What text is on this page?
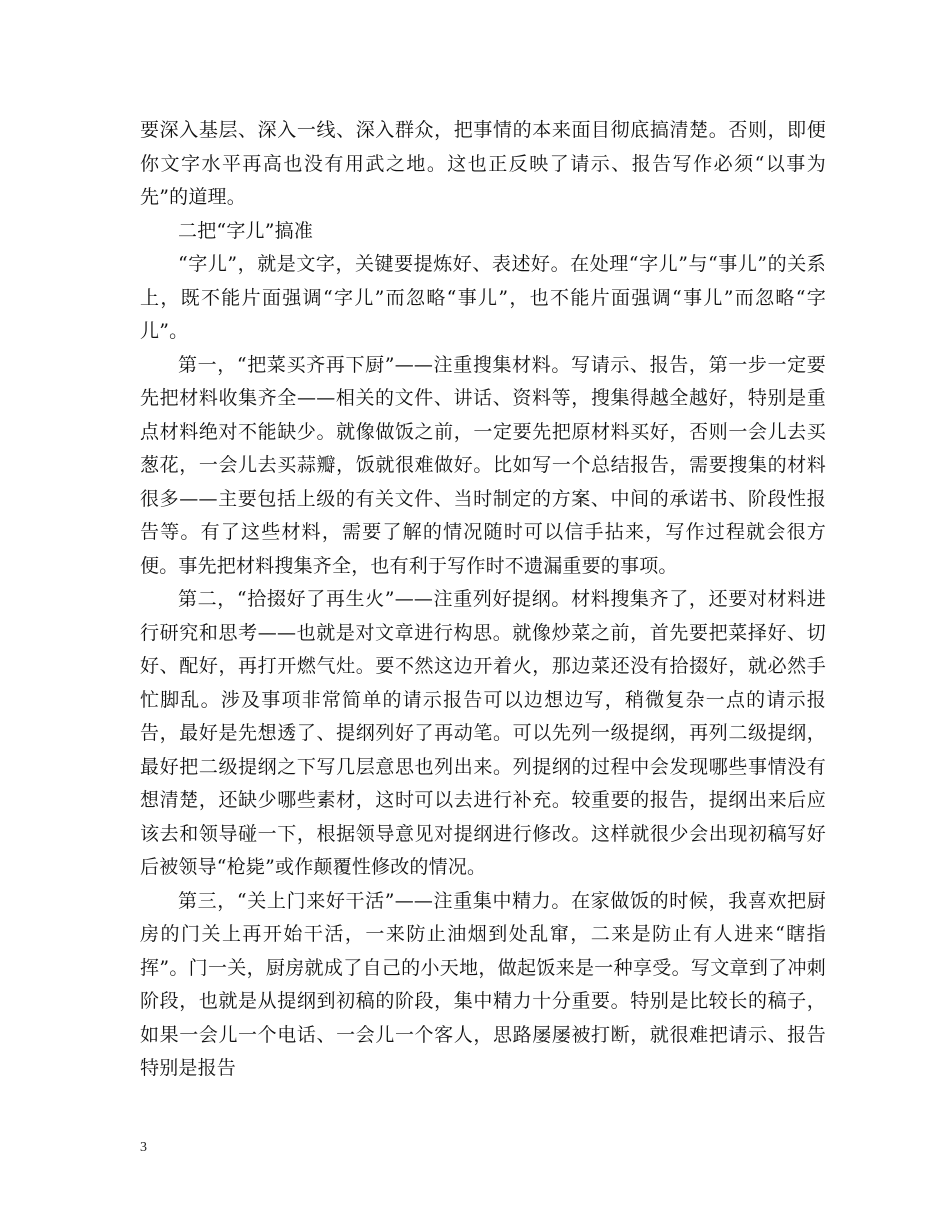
要深入基层、深入一线、深入群众，把事情的本来面目彻底搞清楚。否则，即便你文字水平再高也没有用武之地。这也正反映了请示、报告写作必须“以事为先”的道理。

二把“字儿”搞准

“字儿”，就是文字，关键要提炼好、表述好。在处理“字儿”与“事儿”的关系上，既不能片面强调“字儿”而忽略“事儿”，也不能片面强调“事儿”而忽略“字儿”。

第一，“把菜买齐再下厨”——注重搜集材料。写请示、报告，第一步一定要先把材料收集齐全——相关的文件、讲话、资料等，搜集得越全越好，特别是重点材料绝对不能缺少。就像做饭之前，一定要先把原材料买好，否则一会儿去买葱花，一会儿去买蒜瓣，饭就很难做好。比如写一个总结报告，需要搜集的材料很多——主要包括上级的有关文件、当时制定的方案、中间的承诺书、阶段性报告等。有了这些材料，需要了解的情况随时可以信手拈来，写作过程就会很方便。事先把材料搜集齐全，也有利于写作时不遗漏重要的事项。

第二，“拾掇好了再生火”——注重列好提纲。材料搜集齐了，还要对材料进行研究和思考——也就是对文章进行构思。就像炒菜之前，首先要把菜择好、切好、配好，再打开燃气灶。要不然这边开着火，那边菜还没有拾掇好，就必然手忙脚乱。涉及事项非常简单的请示报告可以边想边写，稍微复杂一点的请示报告，最好是先想透了、提纲列好了再动笔。可以先列一级提纲，再列二级提纲，最好把二级提纲之下写几层意思也列出来。列提纲的过程中会发现哪些事情没有想清楚，还缺少哪些素材，这时可以去进行补充。较重要的报告，提纲出来后应该去和领导碰一下，根据领导意见对提纲进行修改。这样就很少会出现初稿写好后被领导“枪毙”或作颠覆性修改的情况。

第三，“关上门来好干活”——注重集中精力。在家做饭的时候，我喜欢把厨房的门关上再开始干活，一来防止油烟到处乱窜，二来是防止有人进来“瞎指挥”。门一关，厨房就成了自己的小天地，做起饭来是一种享受。写文章到了冲刺阶段，也就是从提纲到初稿的阶段，集中精力十分重要。特别是比较长的稿子，如果一会儿一个电话、一会儿一个客人，思路屡屡被打断，就很难把请示、报告特别是报告

3
